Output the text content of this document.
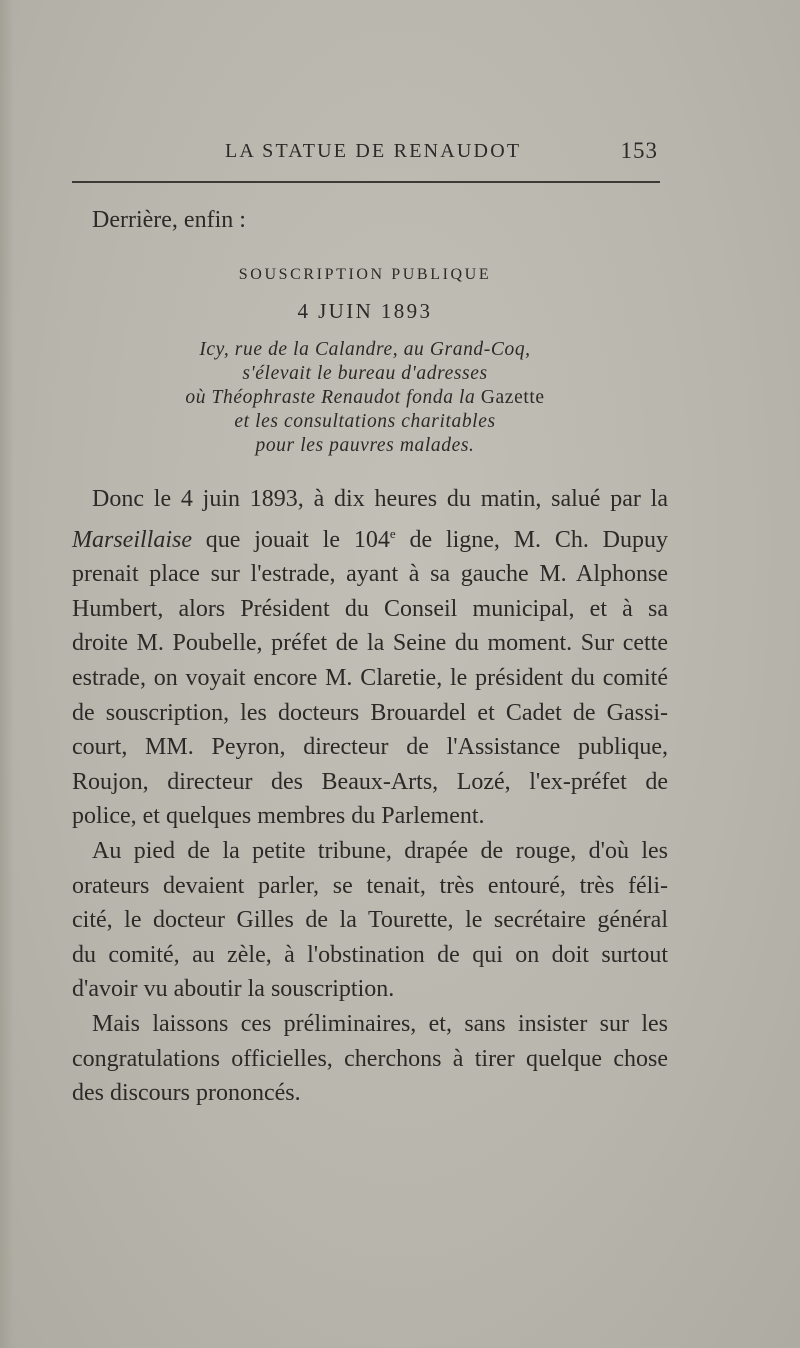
LA STATUE DE RENAUDOT	153
Derrière, enfin :
SOUSCRIPTION PUBLIQUE
4 JUIN 1893
Icy, rue de la Calandre, au Grand-Coq,
s'élevait le bureau d'adresses
où Théophraste Renaudot fonda la Gazette
et les consultations charitables
pour les pauvres malades.
Donc le 4 juin 1893, à dix heures du matin, salué par la
Marseillaise que jouait le 104e de ligne, M. Ch. Dupuy
prenait place sur l'estrade, ayant à sa gauche M. Alphonse
Humbert, alors Président du Conseil municipal, et à sa
droite M. Poubelle, préfet de la Seine du moment. Sur cette
estrade, on voyait encore M. Claretie, le président du comité
de souscription, les docteurs Brouardel et Cadet de Gassi-
court, MM. Peyron, directeur de l'Assistance publique,
Roujon, directeur des Beaux-Arts, Lozé, l'ex-préfet de
police, et quelques membres du Parlement.
Au pied de la petite tribune, drapée de rouge, d'où les
orateurs devaient parler, se tenait, très entouré, très féli-
cité, le docteur Gilles de la Tourette, le secrétaire général
du comité, au zèle, à l'obstination de qui on doit surtout
d'avoir vu aboutir la souscription.
Mais laissons ces préliminaires, et, sans insister sur les
congratulations officielles, cherchons à tirer quelque chose
des discours prononcés.
